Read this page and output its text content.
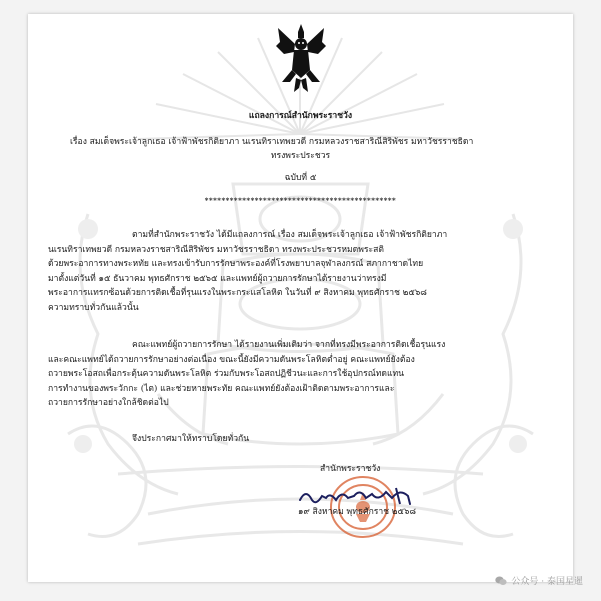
แถลงการณ์สำนักพระราชวัง
เรื่อง สมเด็จพระเจ้าลูกเธอ เจ้าฟ้าพัชรกิติยาภา นเรนทิราเทพยวดี กรมหลวงราชสาริณีสิริพัชร มหาวัชรราชธิดา
ทรงพระประชวร
ฉบับที่ ๕
**********************************************
ตามที่สำนักพระราชวัง ได้มีแถลงการณ์ เรื่อง สมเด็จพระเจ้าลูกเธอ เจ้าฟ้าพัชรกิติยาภา
นเรนทิราเทพยวดี กรมหลวงราชสาริณีสิริพัชร มหาวัชรราชธิดา ทรงพระประชวรหมดพระสติ
ด้วยพระอาการทางพระหทัย และทรงเข้ารับการรักษาพระองค์ที่โรงพยาบาลจุฬาลงกรณ์ สภากาชาดไทย
มาตั้งแต่วันที่ ๑๕ ธันวาคม พุทธศักราช ๒๕๖๕ และแพทย์ผู้ถวายการรักษาได้รายงานว่าทรงมี
พระอาการแทรกซ้อนด้วยการติดเชื้อที่รุนแรงในพระกระแสโลหิต ในวันที่ ๙ สิงหาคม พุทธศักราช ๒๕๖๘
ความทราบทั่วกันแล้วนั้น
คณะแพทย์ผู้ถวายการรักษา ได้รายงานเพิ่มเติมว่า จากที่ทรงมีพระอาการติดเชื้อรุนแรง
และคณะแพทย์ได้ถวายการรักษาอย่างต่อเนื่อง ขณะนี้ยังมีความดันพระโลหิตต่ำอยู่ คณะแพทย์ยังต้อง
ถวายพระโอสถเพื่อกระตุ้นความดันพระโลหิต ร่วมกับพระโอสถปฏิชีวนะและการใช้อุปกรณ์ทดแทน
การทำงานของพระวักกะ (ไต) และช่วยหายพระทัย คณะแพทย์ยังต้องเฝ้าติดตามพระอาการและ
ถวายการรักษาอย่างใกล้ชิดต่อไป
จึงประกาศมาให้ทราบโดยทั่วกัน
สำนักพระราชวัง
๑๙ สิงหาคม พุทธศักราช ๒๕๖๘
公众号 · 泰国星暹
